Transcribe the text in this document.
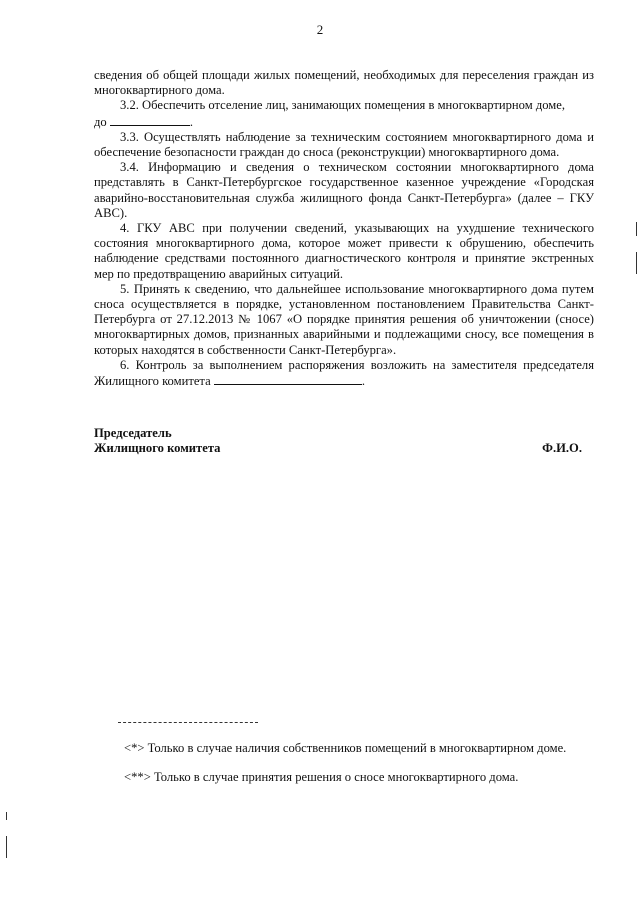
2

сведения об общей площади жилых помещений, необходимых для переселения граждан из многоквартирного дома.

3.2. Обеспечить отселение лиц, занимающих помещения в многоквартирном доме,

до	.

3.3. Осуществлять наблюдение за техническим состоянием многоквартирного дома и обеспечение безопасности граждан до сноса (реконструкции) многоквартирного дома.

3.4. Информацию и сведения о техническом состоянии многоквартирного дома представлять в Санкт-Петербургское государственное казенное учреждение «Городская аварийно-восстановительная служба жилищного фонда Санкт-Петербурга» (далее – ГКУ АВС).

4. ГКУ АВС при получении сведений, указывающих на ухудшение технического состояния многоквартирного дома, которое может привести к обрушению, обеспечить наблюдение средствами постоянного диагностического контроля и принятие экстренных мер по предотвращению аварийных ситуаций.

5. Принять к сведению, что дальнейшее использование многоквартирного дома путем сноса осуществляется в порядке, установленном постановлением Правительства Санкт-Петербурга от 27.12.2013 № 1067 «О порядке принятия решения об уничтожении (сносе) многоквартирных домов, признанных аварийными и подлежащими сносу, все помещения в которых находятся в собственности Санкт-Петербурга».

6. Контроль за выполнением распоряжения возложить на заместителя председателя Жилищного комитета	.

Председатель
Жилищного комитета	Ф.И.О.
<*> Только в случае наличия собственников помещений в многоквартирном доме.
<**> Только в случае принятия решения о сносе многоквартирного дома.
